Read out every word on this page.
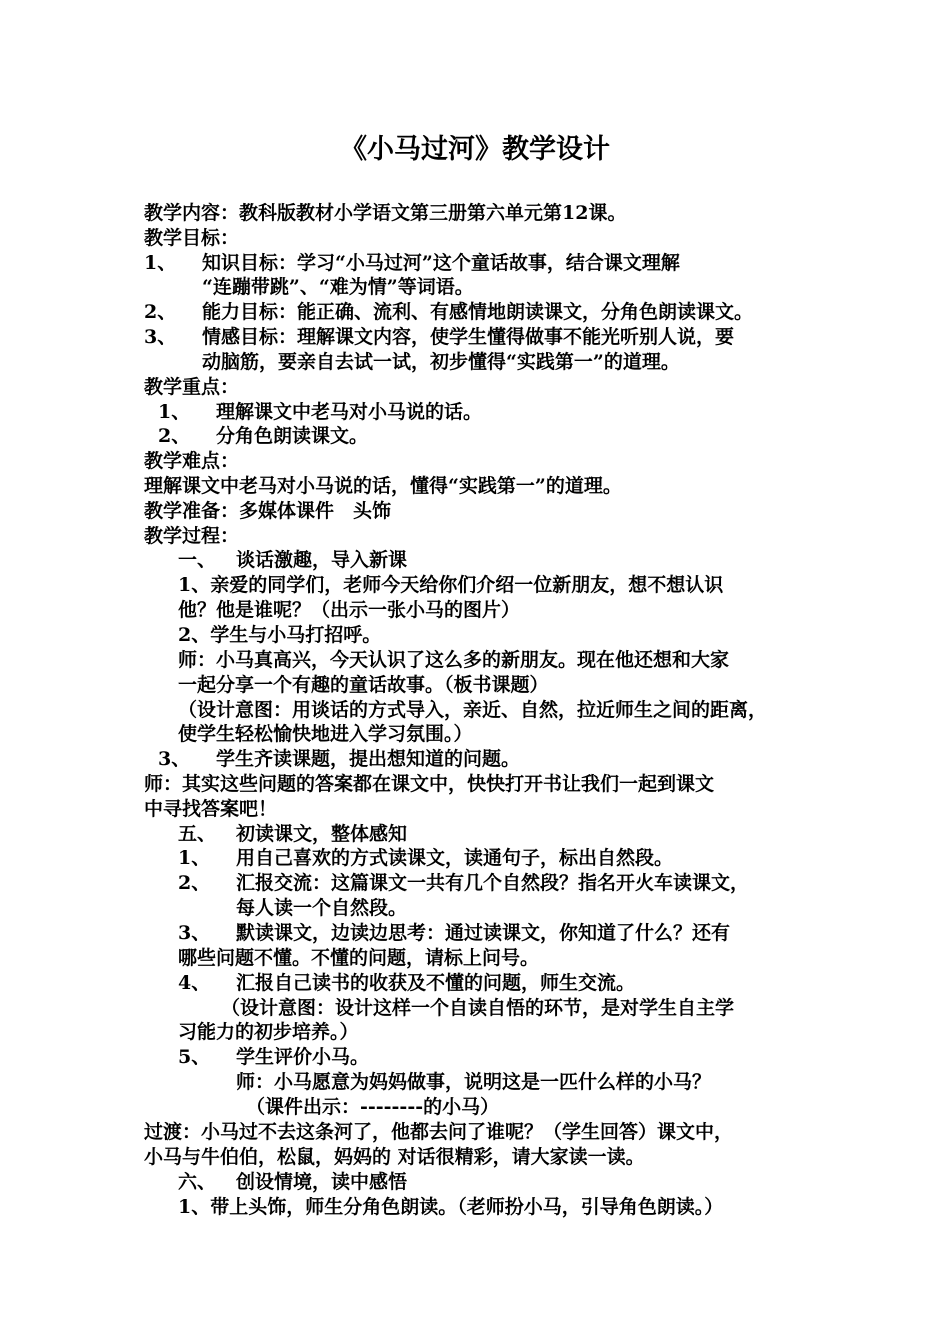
《小马过河》教学设计
教学内容：教科版教材小学语文第三册第六单元第12课。
教学目标：
1、 知识目标：学习“小马过河”这个童话故事，结合课文理解
“连蹦带跳”、“难为情”等词语。
2、 能力目标：能正确、流利、有感情地朗读课文，分角色朗读课文。
3、 情感目标：理解课文内容，使学生懂得做事不能光听别人说，要
动脑筋，要亲自去试一试，初步懂得“实践第一”的道理。
教学重点：
1、 理解课文中老马对小马说的话。
2、 分角色朗读课文。
教学难点：
理解课文中老马对小马说的话，懂得“实践第一”的道理。
教学准备：多媒体课件　头饰
教学过程：
一、 谈话激趣，导入新课
1、亲爱的同学们，老师今天给你们介绍一位新朋友，想不想认识
他？他是谁呢？（出示一张小马的图片）
2、学生与小马打招呼。
师：小马真高兴，今天认识了这么多的新朋友。现在他还想和大家
一起分享一个有趣的童话故事。（板书课题）
（设计意图：用谈话的方式导入，亲近、自然，拉近师生之间的距离，
使学生轻松愉快地进入学习氛围。）
3、 学生齐读课题，提出想知道的问题。
师：其实这些问题的答案都在课文中，快快打开书让我们一起到课文
中寻找答案吧！
五、 初读课文，整体感知
1、 用自己喜欢的方式读课文，读通句子，标出自然段。
2、 汇报交流：这篇课文一共有几个自然段？指名开火车读课文，
每人读一个自然段。
3、 默读课文，边读边思考：通过读课文，你知道了什么？还有
哪些问题不懂。不懂的问题，请标上问号。
4、 汇报自己读书的收获及不懂的问题，师生交流。
（设计意图：设计这样一个自读自悟的环节，是对学生自主学
习能力的初步培养。）
5、 学生评价小马。
师：小马愿意为妈妈做事，说明这是一匹什么样的小马？
（课件出示：--------的小马）
过渡：小马过不去这条河了，他都去问了谁呢？（学生回答）课文中，
小马与牛伯伯，松鼠，妈妈的 对话很精彩，请大家读一读。
六、 创设情境，读中感悟
1、带上头饰，师生分角色朗读。（老师扮小马，引导角色朗读。）
